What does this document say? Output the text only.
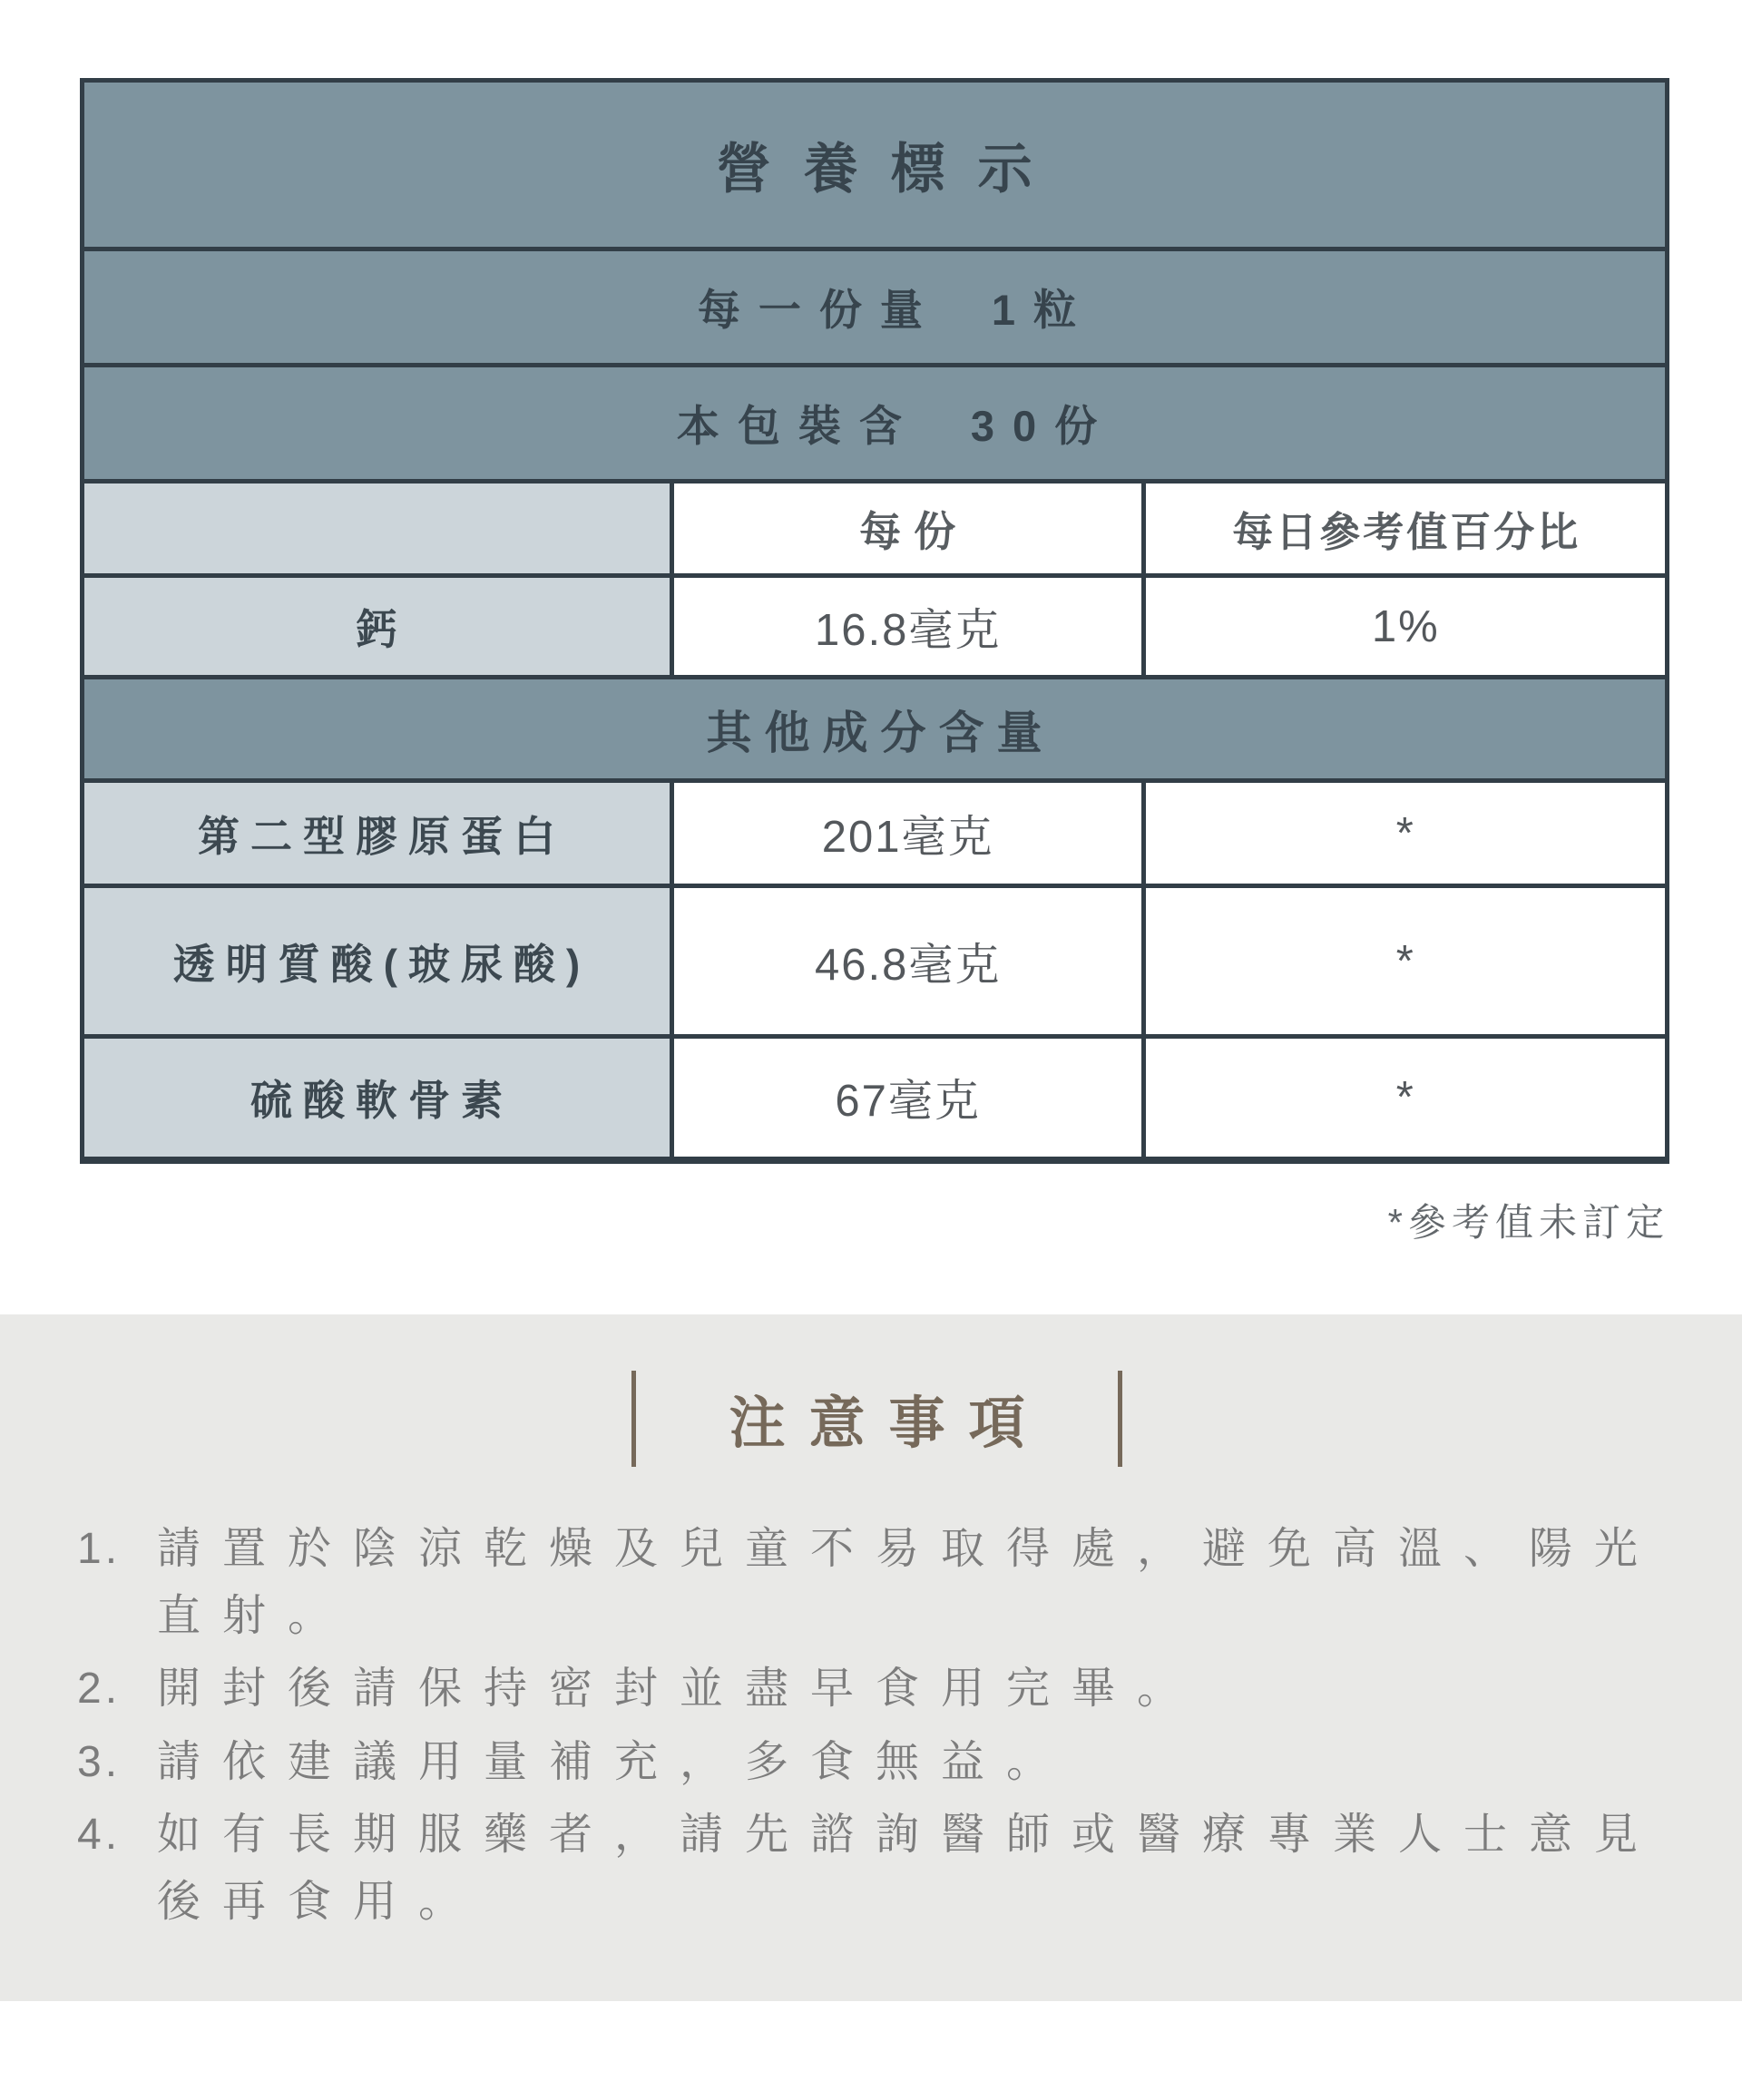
營養標示		
每一份量 1粒		
本包裝含 30份		
	每份	每日參考值百分比
鈣	16.8毫克	1%
其他成分含量		
第二型膠原蛋白	201毫克	*
透明質酸(玻尿酸)	46.8毫克	*
硫酸軟骨素	67毫克	*
*參考值未訂定
注意事項
1. 請置於陰涼乾燥及兒童不易取得處，避免高溫、陽光直射。
2. 開封後請保持密封並盡早食用完畢。
3. 請依建議用量補充，多食無益。
4. 如有長期服藥者，請先諮詢醫師或醫療專業人士意見後再食用。
